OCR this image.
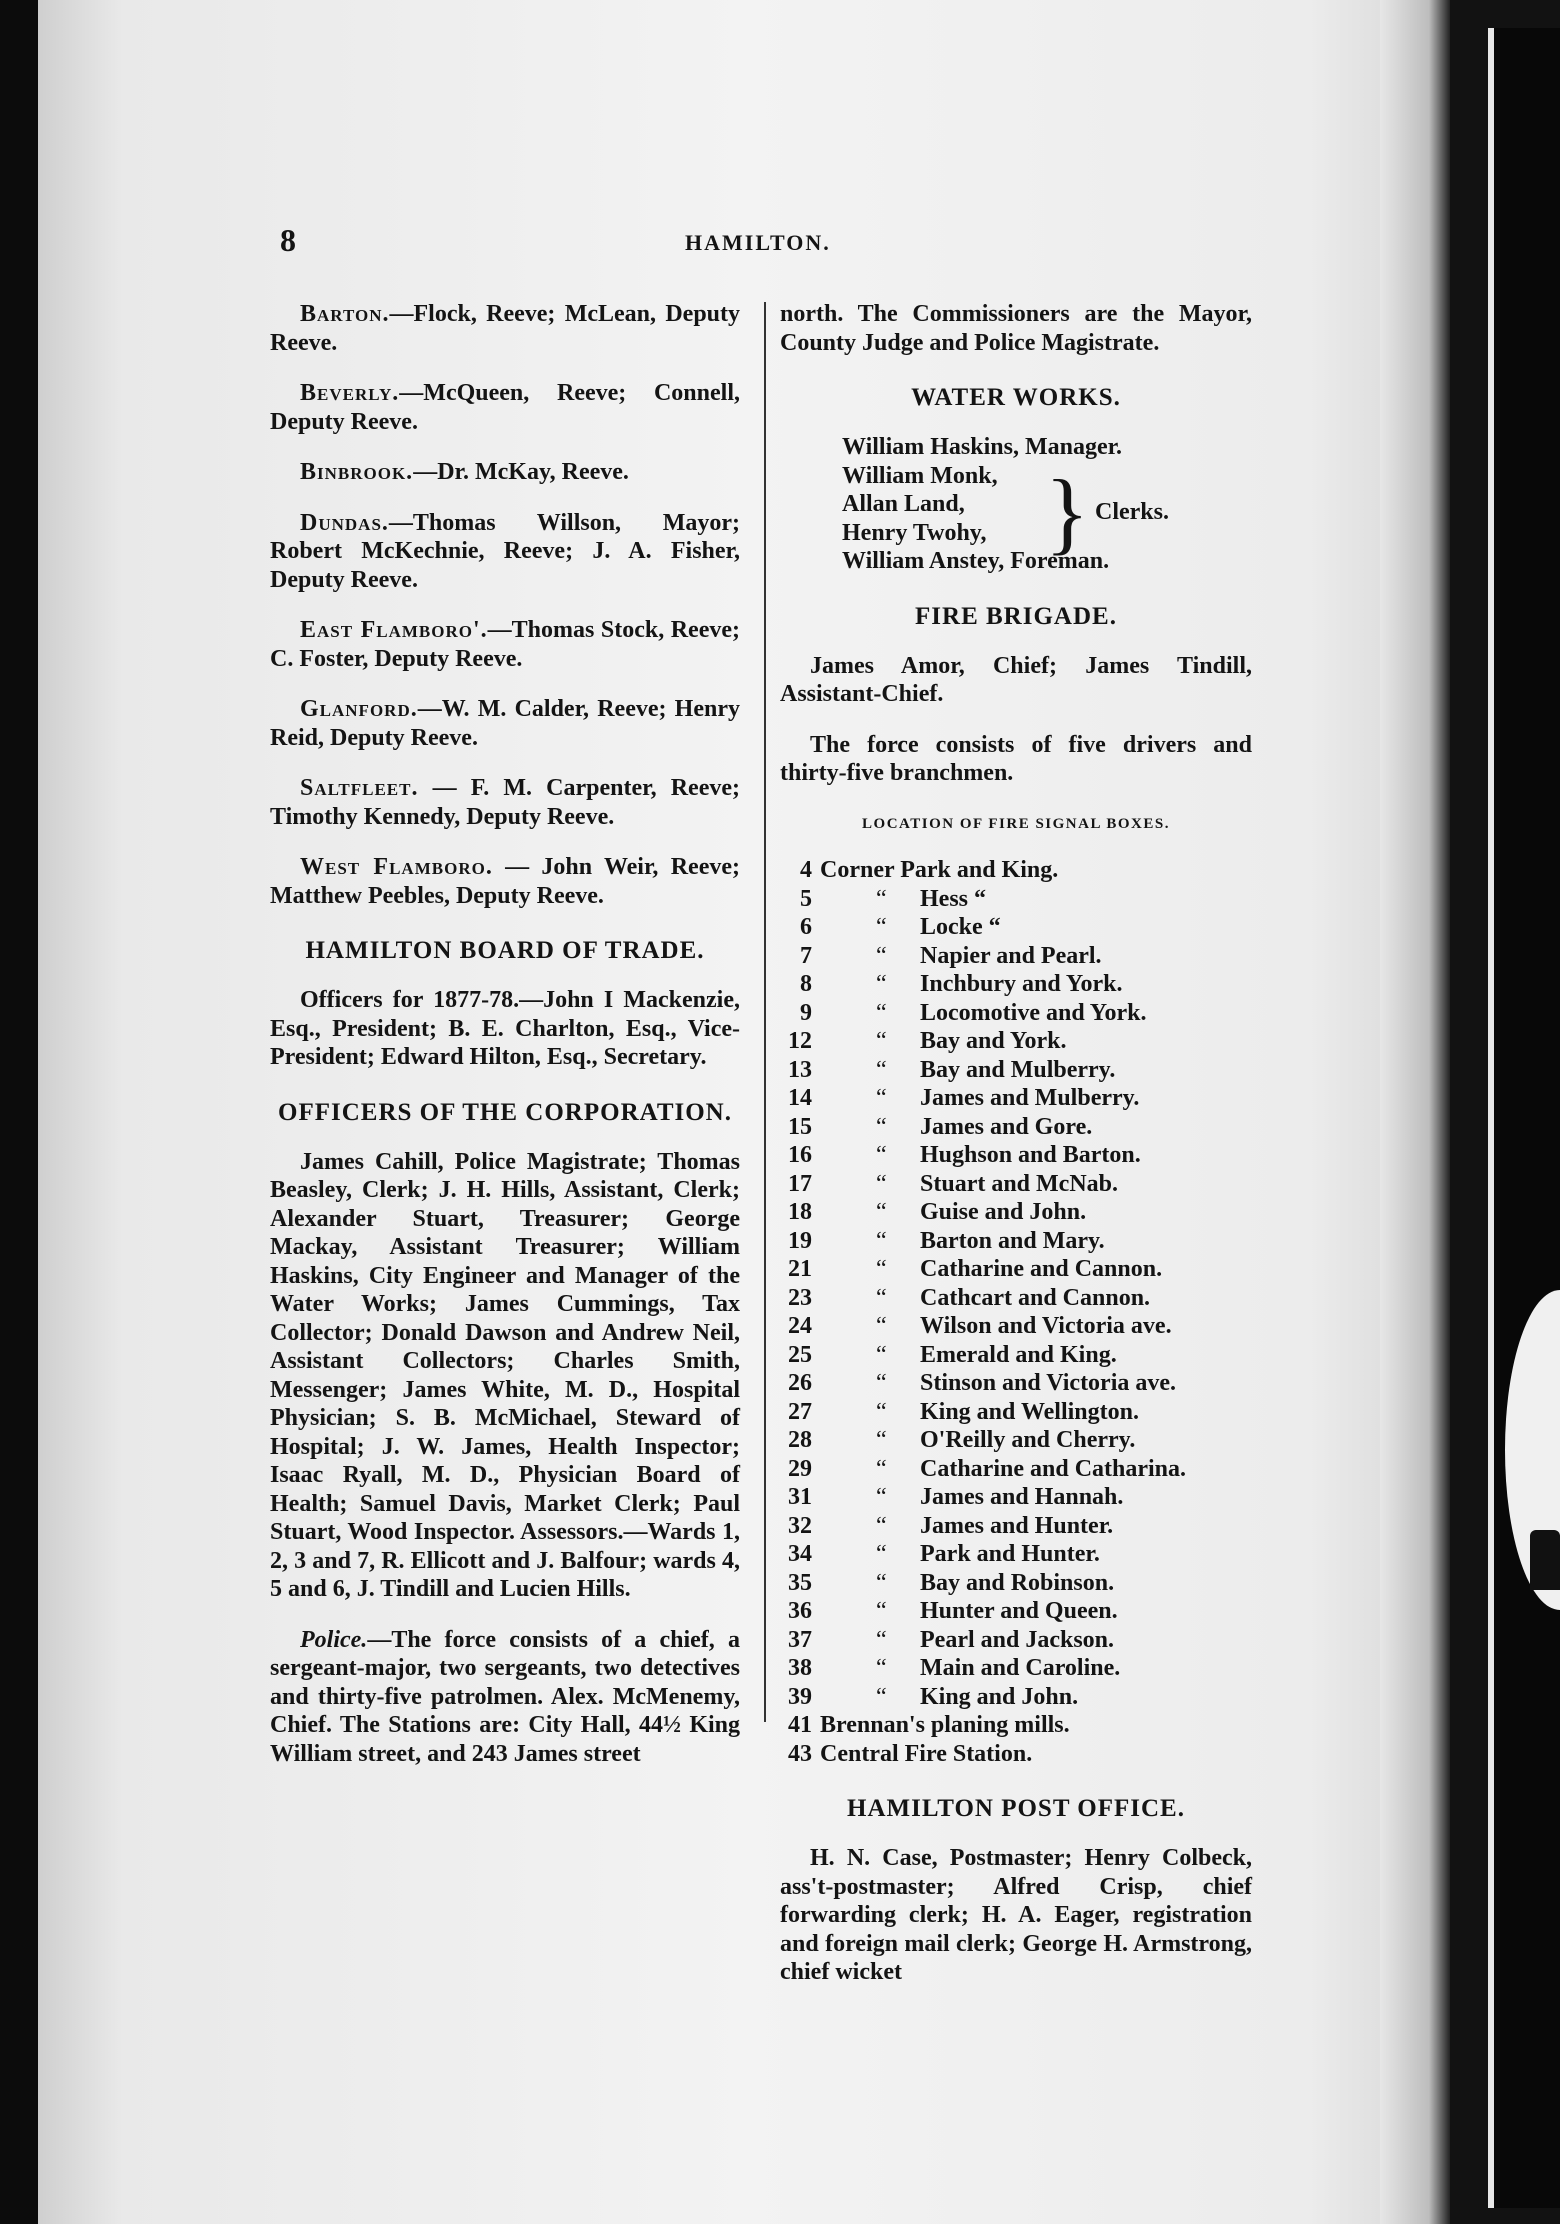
8	HAMILTON.

Barton.—Flock, Reeve; McLean, Deputy Reeve.

Beverly.—McQueen, Reeve; Connell, Deputy Reeve.

Binbrook.—Dr. McKay, Reeve.

Dundas.—Thomas Willson, Mayor; Robert McKechnie, Reeve; J. A. Fisher, Deputy Reeve.

East Flamboro'.—Thomas Stock, Reeve; C. Foster, Deputy Reeve.

Glanford.—W. M. Calder, Reeve; Henry Reid, Deputy Reeve.

Saltfleet. — F. M. Carpenter, Reeve; Timothy Kennedy, Deputy Reeve.

West Flamboro. — John Weir, Reeve; Matthew Peebles, Deputy Reeve.

HAMILTON BOARD OF TRADE.

Officers for 1877-78.—John I Mackenzie, Esq., President; B. E. Charlton, Esq., Vice-President; Edward Hilton, Esq., Secretary.

OFFICERS OF THE CORPORATION.

James Cahill, Police Magistrate; Thomas Beasley, Clerk; J. H. Hills, Assistant, Clerk; Alexander Stuart, Treasurer; George Mackay, Assistant Treasurer; William Haskins, City Engineer and Manager of the Water Works; James Cummings, Tax Collector; Donald Dawson and Andrew Neil, Assistant Collectors; Charles Smith, Messenger; James White, M. D., Hospital Physician; S. B. McMichael, Steward of Hospital; J. W. James, Health Inspector; Isaac Ryall, M. D., Physician Board of Health; Samuel Davis, Market Clerk; Paul Stuart, Wood Inspector. Assessors.—Wards 1, 2, 3 and 7, R. Ellicott and J. Balfour; wards 4, 5 and 6, J. Tindill and Lucien Hills.

Police.—The force consists of a chief, a sergeant-major, two sergeants, two detectives and thirty-five patrolmen. Alex. McMenemy, Chief. The Stations are: City Hall, 44½ King William street, and 243 James street

north. The Commissioners are the Mayor, County Judge and Police Magistrate.

WATER WORKS.
William Haskins, Manager.
William Monk,
Allan Land,
Henry Twohy, } Clerks.
William Anstey, Foreman.
FIRE BRIGADE.

James Amor, Chief; James Tindill, Assistant-Chief.

The force consists of five drivers and thirty-five branchmen.

LOCATION OF FIRE SIGNAL BOXES.
4 Corner Park and King.
5	“ Hess “
6	“ Locke “
7	“ Napier and Pearl.
8	“ Inchbury and York.
9	“ Locomotive and York.
12	“ Bay and York.
13	“ Bay and Mulberry.
14	“ James and Mulberry.
15	“ James and Gore.
16	“ Hughson and Barton.
17	“ Stuart and McNab.
18	“ Guise and John.
19	“ Barton and Mary.
21	“ Catharine and Cannon.
23	“ Cathcart and Cannon.
24	“ Wilson and Victoria ave.
25	“ Emerald and King.
26	“ Stinson and Victoria ave.
27	“ King and Wellington.
28	“ O'Reilly and Cherry.
29	“ Catharine and Catharina.
31	“ James and Hannah.
32	“ James and Hunter.
34	“ Park and Hunter.
35	“ Bay and Robinson.
36	“ Hunter and Queen.
37	“ Pearl and Jackson.
38	“ Main and Caroline.
39	“ King and John.
41 Brennan's planing mills.
43 Central Fire Station.
HAMILTON POST OFFICE.

H. N. Case, Postmaster; Henry Colbeck, ass't-postmaster; Alfred Crisp, chief forwarding clerk; H. A. Eager, registration and foreign mail clerk; George H. Armstrong, chief wicket
